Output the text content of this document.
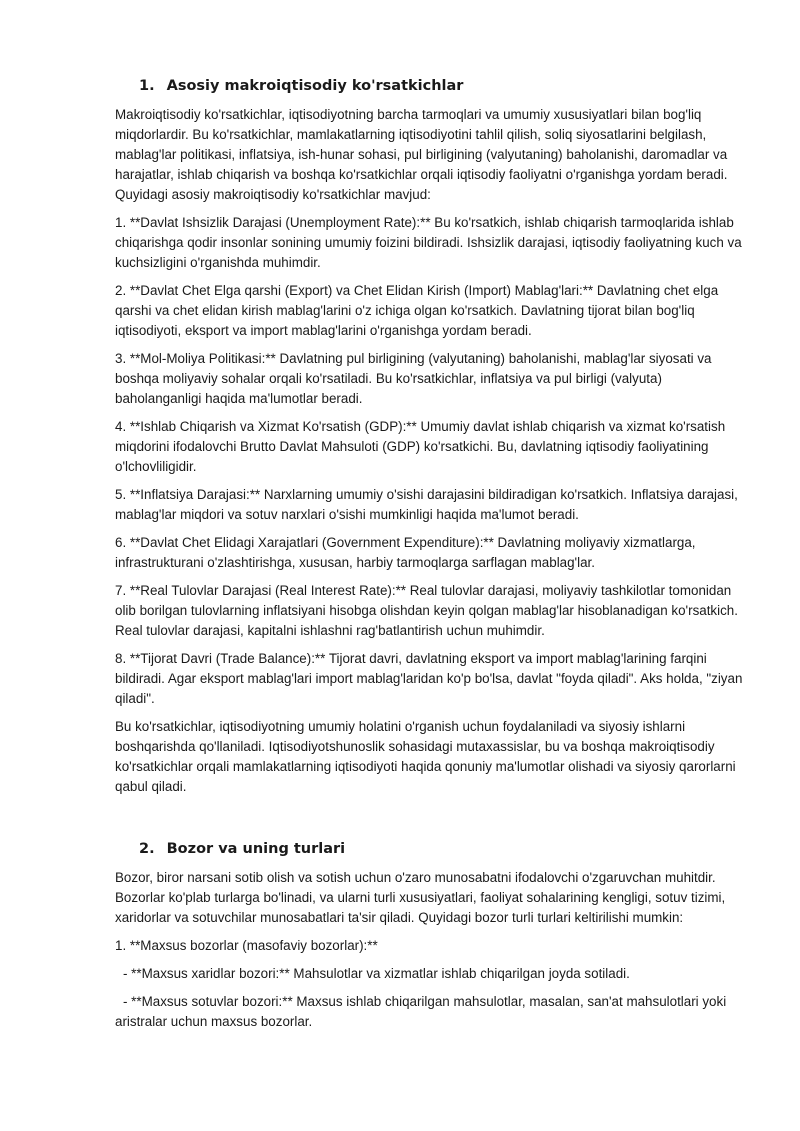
1. Asosiy makroiqtisodiy ko'rsatkichlar

Makroiqtisodiy ko'rsatkichlar, iqtisodiyotning barcha tarmoqlari va umumiy xususiyatlari bilan bog'liq miqdorlardir. Bu ko'rsatkichlar, mamlakatlarning iqtisodiyotini tahlil qilish, soliq siyosatlarini belgilash, mablag'lar politikasi, inflatsiya, ish-hunar sohasi, pul birligining (valyutaning) baholanishi, daromadlar va harajatlar, ishlab chiqarish va boshqa ko'rsatkichlar orqali iqtisodiy faoliyatni o'rganishga yordam beradi. Quyidagi asosiy makroiqtisodiy ko'rsatkichlar mavjud:

1. **Davlat Ishsizlik Darajasi (Unemployment Rate):** Bu ko'rsatkich, ishlab chiqarish tarmoqlarida ishlab chiqarishga qodir insonlar sonining umumiy foizini bildiradi. Ishsizlik darajasi, iqtisodiy faoliyatning kuch va kuchsizligini o'rganishda muhimdir.

2. **Davlat Chet Elga qarshi (Export) va Chet Elidan Kirish (Import) Mablag'lari:** Davlatning chet elga qarshi va chet elidan kirish mablag'larini o'z ichiga olgan ko'rsatkich. Davlatning tijorat bilan bog'liq iqtisodiyoti, eksport va import mablag'larini o'rganishga yordam beradi.

3. **Mol-Moliya Politikasi:** Davlatning pul birligining (valyutaning) baholanishi, mablag'lar siyosati va boshqa moliyaviy sohalar orqali ko'rsatiladi. Bu ko'rsatkichlar, inflatsiya va pul birligi (valyuta) baholanganligi haqida ma'lumotlar beradi.

4. **Ishlab Chiqarish va Xizmat Ko'rsatish (GDP):** Umumiy davlat ishlab chiqarish va xizmat ko'rsatish miqdorini ifodalovchi Brutto Davlat Mahsuloti (GDP) ko'rsatkichi. Bu, davlatning iqtisodiy faoliyatining o'lchovliligidir.

5. **Inflatsiya Darajasi:** Narxlarning umumiy o'sishi darajasini bildiradigan ko'rsatkich. Inflatsiya darajasi, mablag'lar miqdori va sotuv narxlari o'sishi mumkinligi haqida ma'lumot beradi.

6. **Davlat Chet Elidagi Xarajatlari (Government Expenditure):** Davlatning moliyaviy xizmatlarga, infrastrukturani o'zlashtirishga, xususan, harbiy tarmoqlarga sarflagan mablag'lar.

7. **Real Tulovlar Darajasi (Real Interest Rate):** Real tulovlar darajasi, moliyaviy tashkilotlar tomonidan olib borilgan tulovlarning inflatsiyani hisobga olishdan keyin qolgan mablag'lar hisoblanadigan ko'rsatkich. Real tulovlar darajasi, kapitalni ishlashni rag'batlantirish uchun muhimdir.

8. **Tijorat Davri (Trade Balance):** Tijorat davri, davlatning eksport va import mablag'larining farqini bildiradi. Agar eksport mablag'lari import mablag'laridan ko'p bo'lsa, davlat "foyda qiladi". Aks holda, "ziyan qiladi".

Bu ko'rsatkichlar, iqtisodiyotning umumiy holatini o'rganish uchun foydalaniladi va siyosiy ishlarni boshqarishda qo'llaniladi. Iqtisodiyotshunoslik sohasidagi mutaxassislar, bu va boshqa makroiqtisodiy ko'rsatkichlar orqali mamlakatlarning iqtisodiyoti haqida qonuniy ma'lumotlar olishadi va siyosiy qarorlarni qabul qiladi.

2. Bozor va uning turlari

Bozor, biror narsani sotib olish va sotish uchun o'zaro munosabatni ifodalovchi o'zgaruvchan muhitdir. Bozorlar ko'plab turlarga bo'linadi, va ularni turli xususiyatlari, faoliyat sohalarining kengligi, sotuv tizimi, xaridorlar va sotuvchilar munosabatlari ta'sir qiladi. Quyidagi bozor turli turlari keltirilishi mumkin:

1. **Maxsus bozorlar (masofaviy bozorlar):**

- **Maxsus xaridlar bozori:** Mahsulotlar va xizmatlar ishlab chiqarilgan joyda sotiladi.

- **Maxsus sotuvlar bozori:** Maxsus ishlab chiqarilgan mahsulotlar, masalan, san'at mahsulotlari yoki aristralar uchun maxsus bozorlar.
